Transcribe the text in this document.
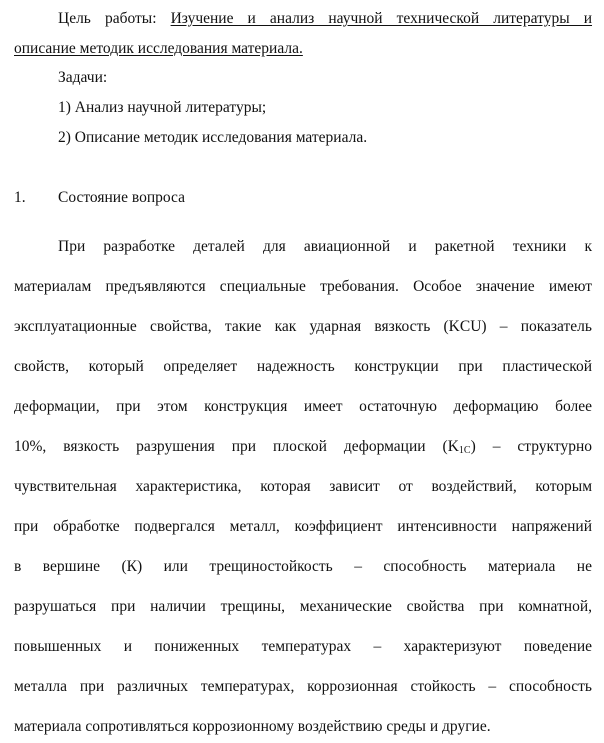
Цель работы: Изучение и анализ научной технической литературы и
описание методик исследования материала.
Задачи:
1) Анализ научной литературы;
2) Описание методик исследования материала.
1. Состояние вопроса
При разработке деталей для авиационной и ракетной техники к
материалам предъявляются специальные требования. Особое значение имеют
эксплуатационные свойства, такие как ударная вязкость (KCU) – показатель
свойств, который определяет надежность конструкции при пластической
деформации, при этом конструкция имеет остаточную деформацию более
10%, вязкость разрушения при плоской деформации $(K_{1C})$ – структурно
чувствительная характеристика, которая зависит от воздействий, которым
при обработке подвергался металл, коэффициент интенсивности напряжений
в вершине (К) или трещиностойкость – способность материала не
разрушаться при наличии трещины, механические свойства при комнатной,
повышенных и пониженных температурах – характеризуют поведение
металла при различных температурах, коррозионная стойкость – способность
материала сопротивляться коррозионному воздействию среды и другие.
